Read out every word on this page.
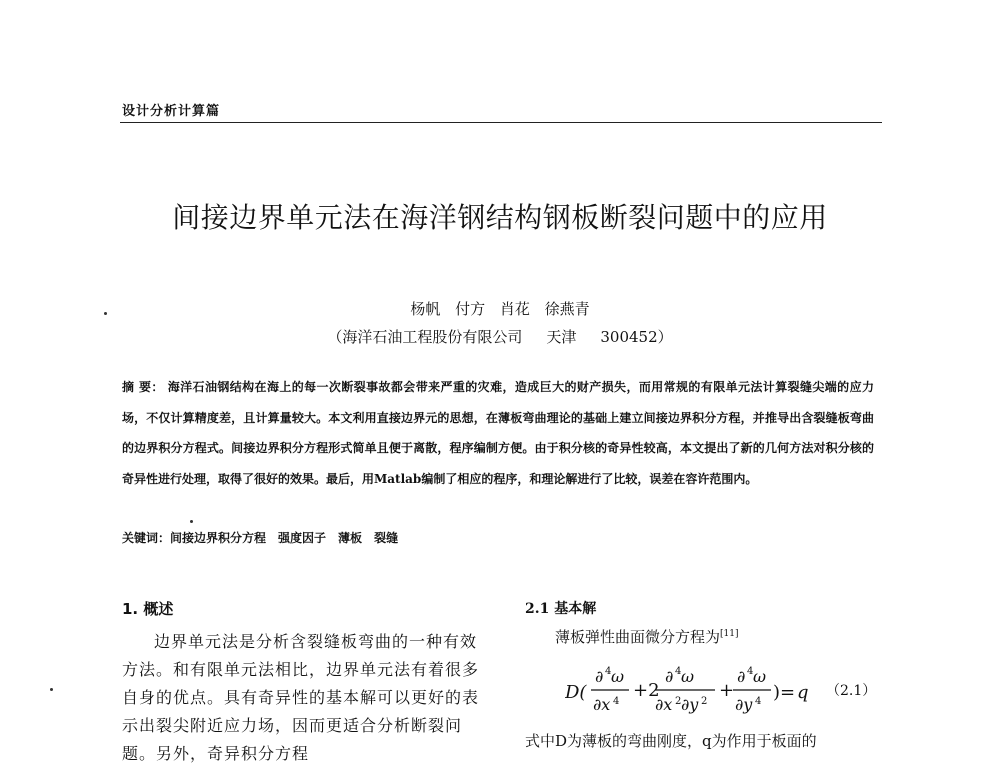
设计分析计算篇
间接边界单元法在海洋钢结构钢板断裂问题中的应用
杨帆 付方 肖花 徐燕青
（海洋石油工程股份有限公司 天津 300452）
摘 要： 海洋石油钢结构在海上的每一次断裂事故都会带来严重的灾难，造成巨大的财产损失，而用常规的有限单元法计算裂缝尖端的应力场，不仅计算精度差，且计算量较大。本文利用直接边界元的思想，在薄板弯曲理论的基础上建立间接边界积分方程，并推导出含裂缝板弯曲的边界积分方程式。间接边界积分方程形式简单且便于离散，程序编制方便。由于积分核的奇异性较高，本文提出了新的几何方法对积分核的奇异性进行处理，取得了很好的效果。最后，用Matlab编制了相应的程序，和理论解进行了比较，误差在容许范围内。
关键词：间接边界积分方程 强度因子 薄板 裂缝
1. 概述

边界单元法是分析含裂缝板弯曲的一种有效方法。和有限单元法相比，边界单元法有着很多自身的优点。具有奇异性的基本解可以更好的表示出裂尖附近应力场，因而更适合分析断裂问题。另外，奇异积分方程

2.1 基本解
薄板弹性曲面微分方程为[11]
D(
∂ 4 ω
∂x 4
+2
∂ 4 ω
∂x 2 ∂y 2
+
∂ 4 ω
∂y 4 )= q （2.1）
式中D为薄板的弯曲刚度，q为作用于板面的
